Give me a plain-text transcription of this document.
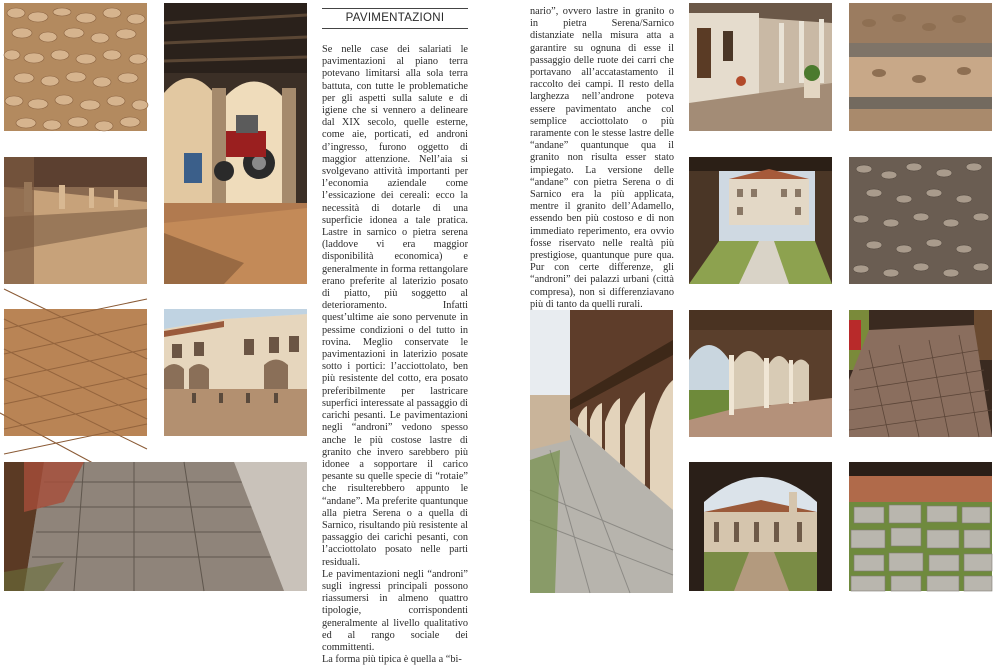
PAVIMENTAZIONI

Se nelle case dei salariati le pavimentazioni al piano terra potevano limitarsi alla sola terra battuta, con tutte le problematiche per gli aspetti sulla salute e di igiene che si vennero a delineare dal XIX secolo, quelle esterne, come aie, porticati, ed androni d’ingresso, furono oggetto di maggior attenzione. Nell’aia si svolgevano attività importanti per l’economia aziendale come l’essicazione dei cereali: ecco la necessità di dotarle di una superficie idonea a tale pratica. Lastre in sarnico o pietra serena (laddove vi era maggior disponibilità economica) e generalmente in forma rettangolare erano preferite al laterizio posato di piatto, più soggetto al deterioramento. Infatti quest’ultime aie sono pervenute in pessime condizioni o del tutto in rovina. Meglio conservate le pavimentazioni in laterizio posate sotto i portici: l’acciottolato, ben più resistente del cotto, era posato preferibilmente per lastricare superfici interessate al passaggio di carichi pesanti. Le pavimentazioni negli “androni” vedono spesso anche le più costose lastre di granito che invero sarebbero più idonee a sopportare il carico pesante su quelle specie di “rotaie” che risulterebbero appunto le “andane”. Ma preferite quantunque alla pietra Serena o a quella di Sarnico, risultando più resistente al passaggio dei carichi pesanti, con l’acciottolato posato nelle parti residuali.

Le pavimentazioni negli “androni” sugli ingressi principali possono riassumersi in almeno quattro tipologie, corrispondenti generalmente al livello qualitativo ed al rango sociale dei committenti.

La forma più tipica è quella a “bi-

nario”, ovvero lastre in granito o in pietra Serena/Sarnico distanziate nella misura atta a garantire su ognuna di esse il passaggio delle ruote dei carri che portavano all’accatastamento il raccolto dei campi. Il resto della larghezza nell’androne poteva essere pavimentato anche col semplice acciottolato o più raramente con le stesse lastre delle “andane” quantunque qua il granito non risulta esser stato impiegato. La versione delle “andane” con pietra Serena o di Sarnico era la più applicata, mentre il granito dell’Adamello, essendo ben più costoso e di non immediato reperimento, era ovvio fosse riservato nelle realtà più prestigiose, quantunque pure qua. Pur con certe differenze, gli “androni” dei palazzi urbani (città compresa), non si differenziavano più di tanto da quelli rurali.
